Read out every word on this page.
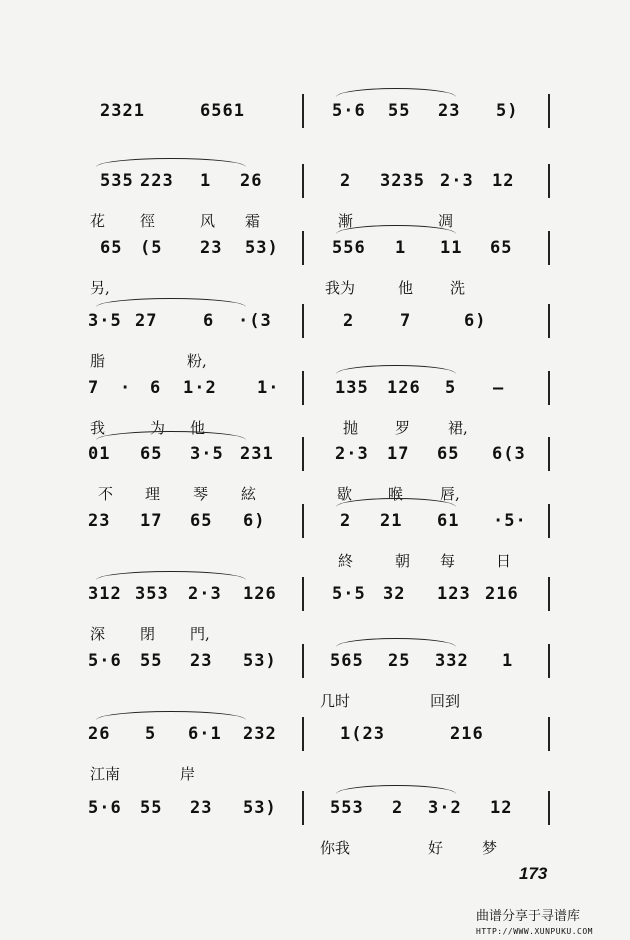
2321	6561	5·6 55 23 5)
535 223 1 26	2 3235 2·3 12
花 徑	风 霜	漸	凋
65 (5 23 53)	556 1 11 65
另,	我为	他 洗
3·5 27	6 ·(3	2	7	6)
脂	粉,
7 · 6 1·2 1·	135 126 5 —
我	为 他	抛 罗	裙,
01 65 3·5 231	2·3 17 65 6(3
不 理 琴 絃	歇 喉 唇,
23 17 65 6)	2 21 61 ·5·
終	朝 每	日
312 353 2·3 126	5·5 32 123 216
深 閉 門,
5·6 55 23 53)	565 25 332 1
几时	回到
26 5 6·1 232	1(23	216
江南	岸
5·6 55 23 53)	553 2 3·2 12
你我	好	梦
173
曲谱分享于寻谱库
HTTP://WWW.XUNPUKU.COM
